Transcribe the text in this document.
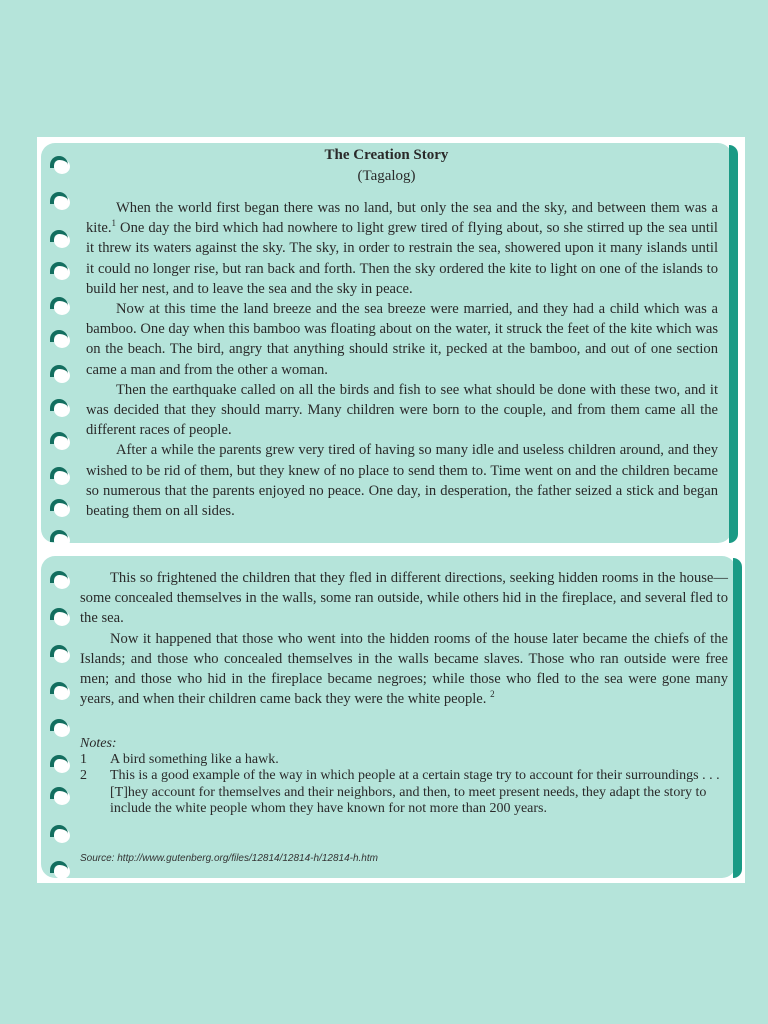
The Creation Story
(Tagalog)

When the world first began there was no land, but only the sea and the sky, and between them was a kite.$^1$ One day the bird which had nowhere to light grew tired of flying about, so she stirred up the sea until it threw its waters against the sky. The sky, in order to restrain the sea, showered upon it many islands until it could no longer rise, but ran back and forth. Then the sky ordered the kite to light on one of the islands to build her nest, and to leave the sea and the sky in peace.

Now at this time the land breeze and the sea breeze were married, and they had a child which was a bamboo. One day when this bamboo was floating about on the water, it struck the feet of the kite which was on the beach. The bird, angry that anything should strike it, pecked at the bamboo, and out of one section came a man and from the other a woman.

Then the earthquake called on all the birds and fish to see what should be done with these two, and it was decided that they should marry. Many children were born to the couple, and from them came all the different races of people.

After a while the parents grew very tired of having so many idle and useless children around, and they wished to be rid of them, but they knew of no place to send them to. Time went on and the children became so numerous that the parents enjoyed no peace. One day, in desperation, the father seized a stick and began beating them on all sides.

This so frightened the children that they fled in different directions, seeking hidden rooms in the house—some concealed themselves in the walls, some ran outside, while others hid in the fireplace, and several fled to the sea.

Now it happened that those who went into the hidden rooms of the house later became the chiefs of the Islands; and those who concealed themselves in the walls became slaves. Those who ran outside were free men; and those who hid in the fireplace became negroes; while those who fled to the sea were gone many years, and when their children came back they were the white people. $^2$

Notes:
1	A bird something like a hawk.
2	This is a good example of the way in which people at a certain stage try to account for their surroundings . . . [T]hey account for themselves and their neighbors, and then, to meet present needs, they adapt the story to include the white people whom they have known for not more than 200 years.
Source: http://www.gutenberg.org/files/12814/12814-h/12814-h.htm
